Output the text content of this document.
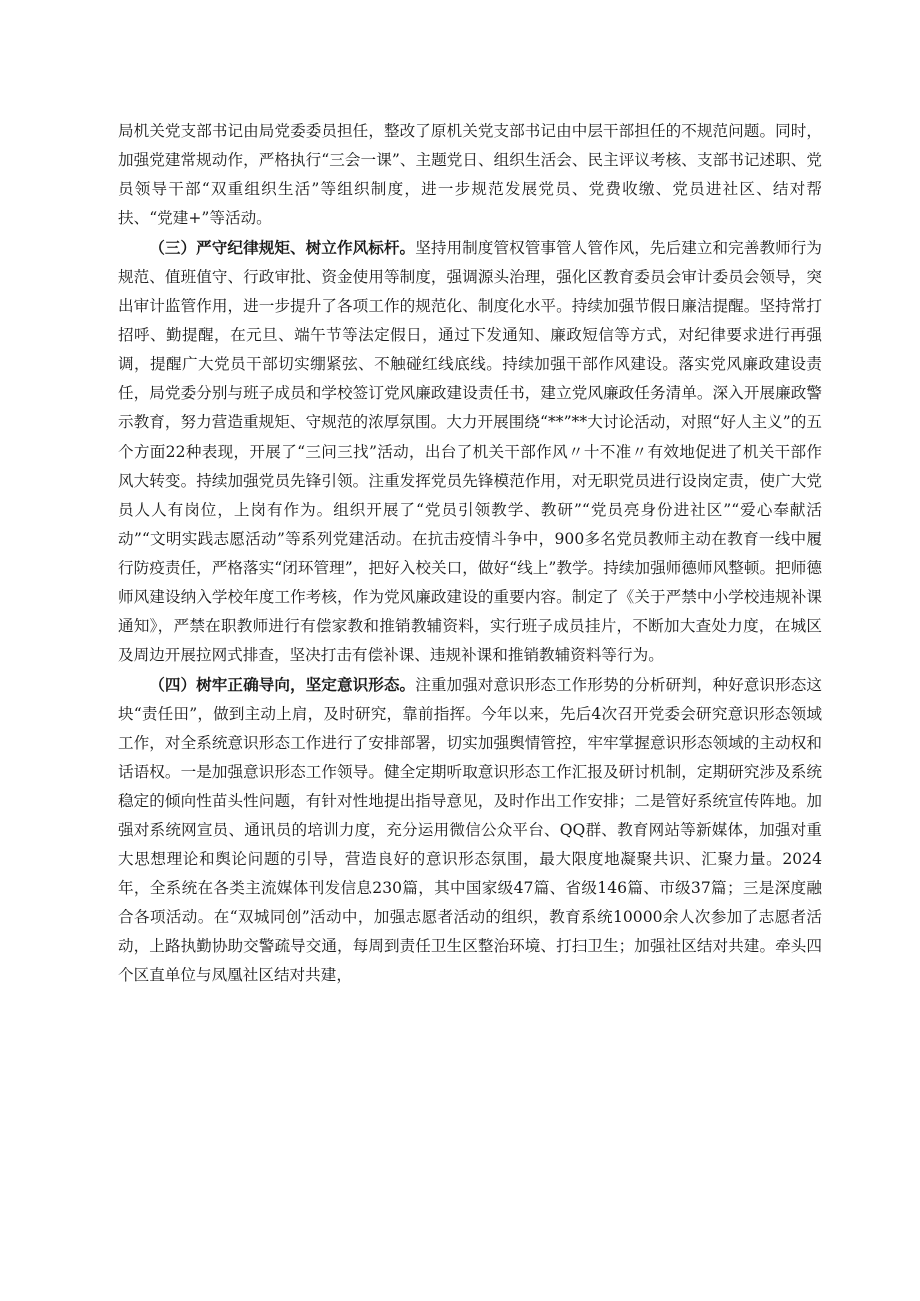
局机关党支部书记由局党委委员担任，整改了原机关党支部书记由中层干部担任的不规范问题。同时，加强党建常规动作，严格执行“三会一课”、主题党日、组织生活会、民主评议考核、支部书记述职、党员领导干部“双重组织生活”等组织制度，进一步规范发展党员、党费收缴、党员进社区、结对帮扶、“党建+”等活动。

（三）严守纪律规矩、树立作风标杆。坚持用制度管权管事管人管作风，先后建立和完善教师行为规范、值班值守、行政审批、资金使用等制度，强调源头治理，强化区教育委员会审计委员会领导，突出审计监管作用，进一步提升了各项工作的规范化、制度化水平。持续加强节假日廉洁提醒。坚持常打招呼、勤提醒，在元旦、端午节等法定假日，通过下发通知、廉政短信等方式，对纪律要求进行再强调，提醒广大党员干部切实绷紧弦、不触碰红线底线。持续加强干部作风建设。落实党风廉政建设责任，局党委分别与班子成员和学校签订党风廉政建设责任书，建立党风廉政任务清单。深入开展廉政警示教育，努力营造重规矩、守规范的浓厚氛围。大力开展围绕“**”**大讨论活动，对照“好人主义”的五个方面22种表现，开展了“三问三找”活动，出台了机关干部作风〃十不准〃有效地促进了机关干部作风大转变。持续加强党员先锋引领。注重发挥党员先锋模范作用，对无职党员进行设岗定责，使广大党员人人有岗位，上岗有作为。组织开展了“党员引领教学、教研”“党员亮身份进社区”“爱心奉献活动”“文明实践志愿活动”等系列党建活动。在抗击疫情斗争中，900多名党员教师主动在教育一线中履行防疫责任，严格落实“闭环管理”，把好入校关口，做好“线上”教学。持续加强师德师风整顿。把师德师风建设纳入学校年度工作考核，作为党风廉政建设的重要内容。制定了《关于严禁中小学校违规补课通知》，严禁在职教师进行有偿家教和推销教辅资料，实行班子成员挂片，不断加大查处力度，在城区及周边开展拉网式排查，坚决打击有偿补课、违规补课和推销教辅资料等行为。

（四）树牢正确导向，坚定意识形态。注重加强对意识形态工作形势的分析研判，种好意识形态这块“责任田”，做到主动上肩，及时研究，靠前指挥。今年以来，先后4次召开党委会研究意识形态领域工作，对全系统意识形态工作进行了安排部署，切实加强舆情管控，牢牢掌握意识形态领域的主动权和话语权。一是加强意识形态工作领导。健全定期听取意识形态工作汇报及研讨机制，定期研究涉及系统稳定的倾向性苗头性问题，有针对性地提出指导意见，及时作出工作安排；二是管好系统宣传阵地。加强对系统网宣员、通讯员的培训力度，充分运用微信公众平台、QQ群、教育网站等新媒体，加强对重大思想理论和舆论问题的引导，营造良好的意识形态氛围，最大限度地凝聚共识、汇聚力量。2024年，全系统在各类主流媒体刊发信息230篇，其中国家级47篇、省级146篇、市级37篇；三是深度融合各项活动。在“双城同创”活动中，加强志愿者活动的组织，教育系统10000余人次参加了志愿者活动，上路执勤协助交警疏导交通，每周到责任卫生区整治环境、打扫卫生；加强社区结对共建。牵头四个区直单位与凤凰社区结对共建，
